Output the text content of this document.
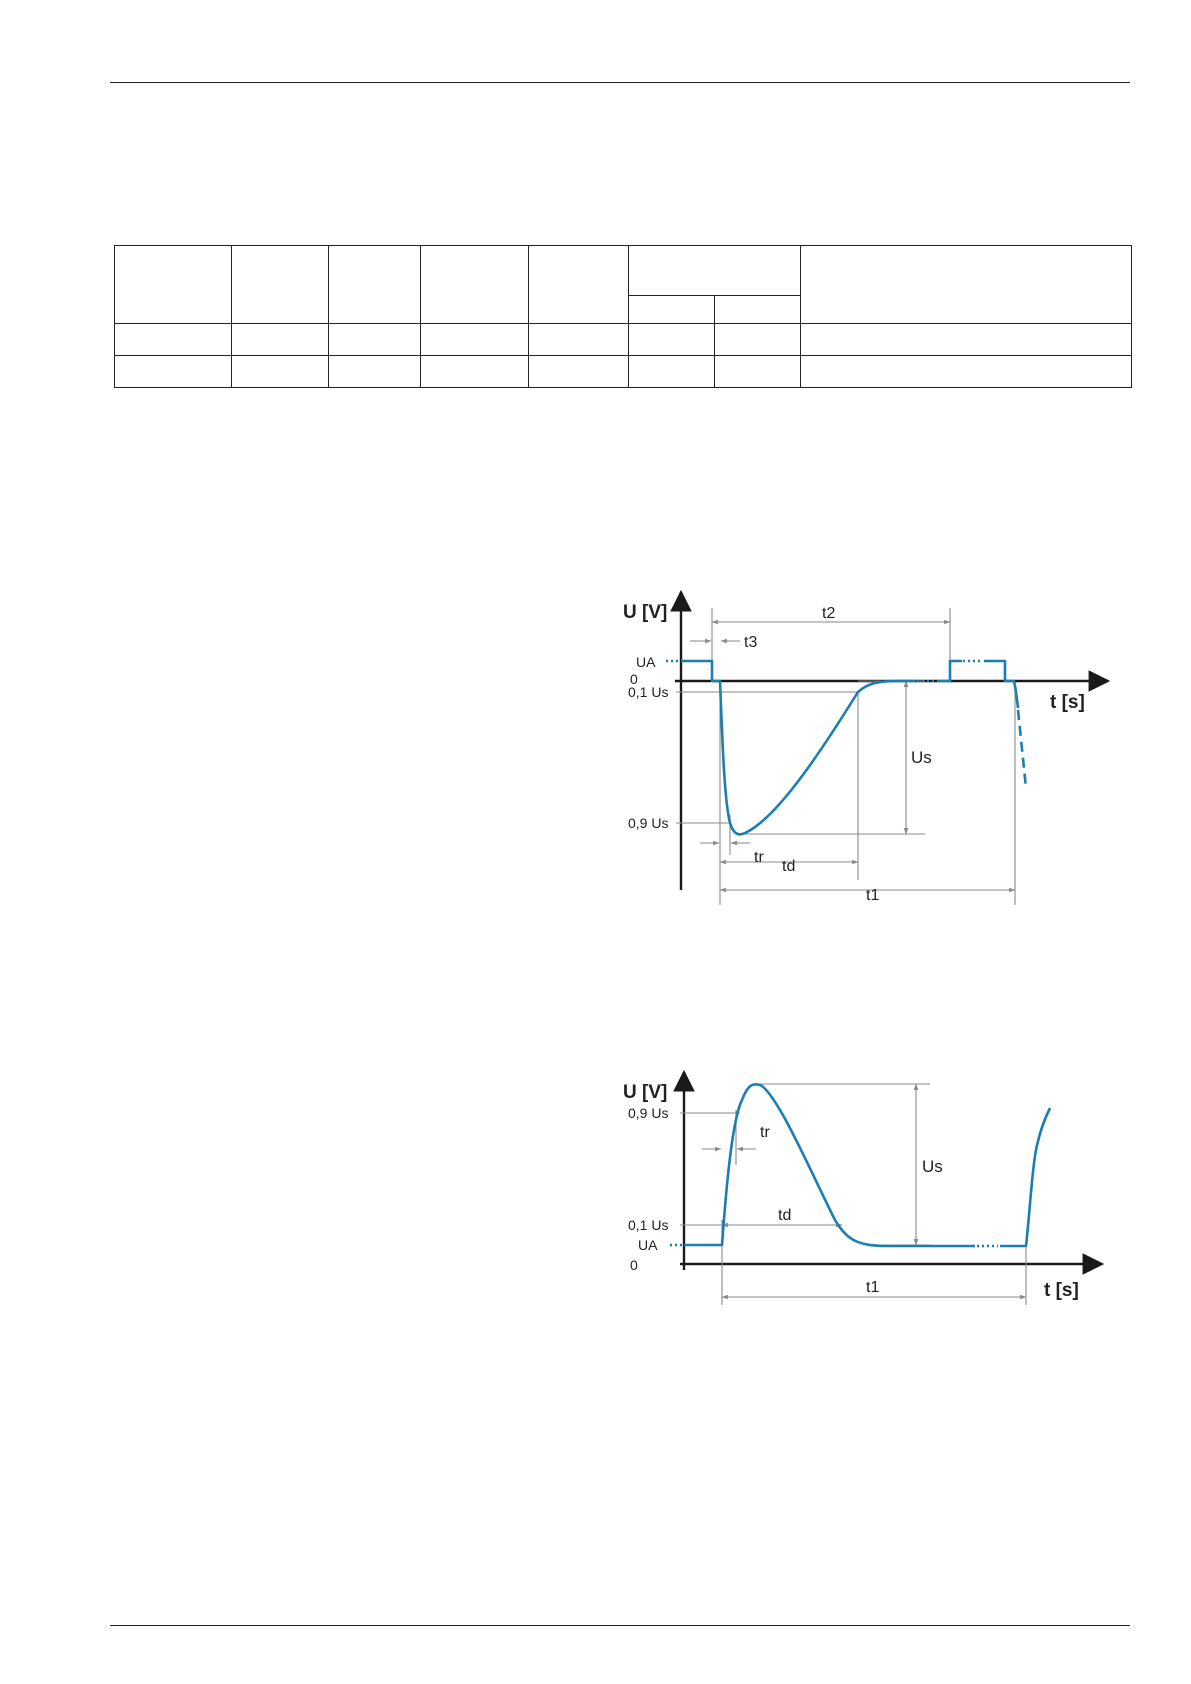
U [V]
t [s]
UA
0
0,1 Us
0,9 Us
Us
t2
t3
tr
td
t1
U [V]
t [s]
0,9 Us
0,1 Us
UA
0
Us
tr
td
t1
